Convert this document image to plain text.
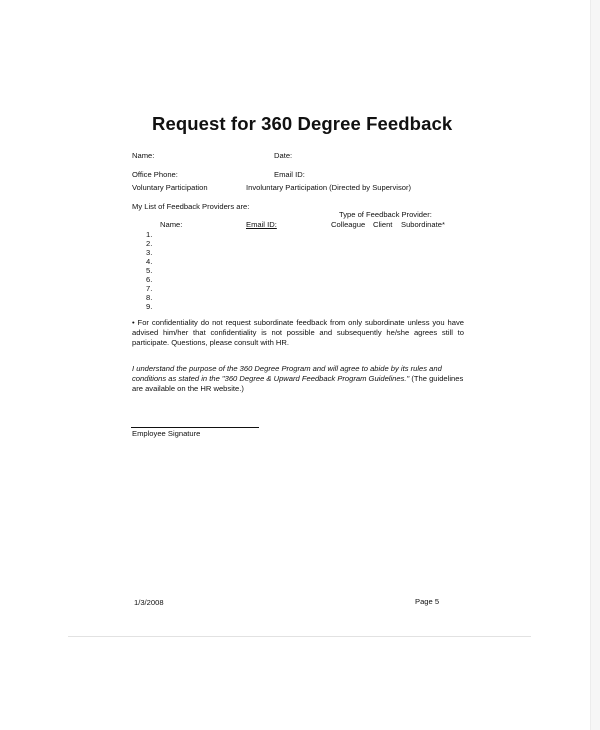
Request for 360 Degree Feedback
Name:	Date:
Office Phone:	Email ID:
Voluntary Participation	Involuntary Participation (Directed by Supervisor)
My List of Feedback Providers are:
Type of Feedback Provider:
Name:	Email ID:	Colleague Client Subordinate*
1.
2.
3.
4.
5.
6.
7.
8.
9.
• For confidentiality do not request subordinate feedback from only subordinate unless you have advised him/her that confidentiality is not possible and subsequently he/she agrees still to participate. Questions, please consult with HR.
I understand the purpose of the 360 Degree Program and will agree to abide by its rules and conditions as stated in the "360 Degree & Upward Feedback Program Guidelines." (The guidelines are available on the HR website.)
Employee Signature
1/3/2008	Page 5
